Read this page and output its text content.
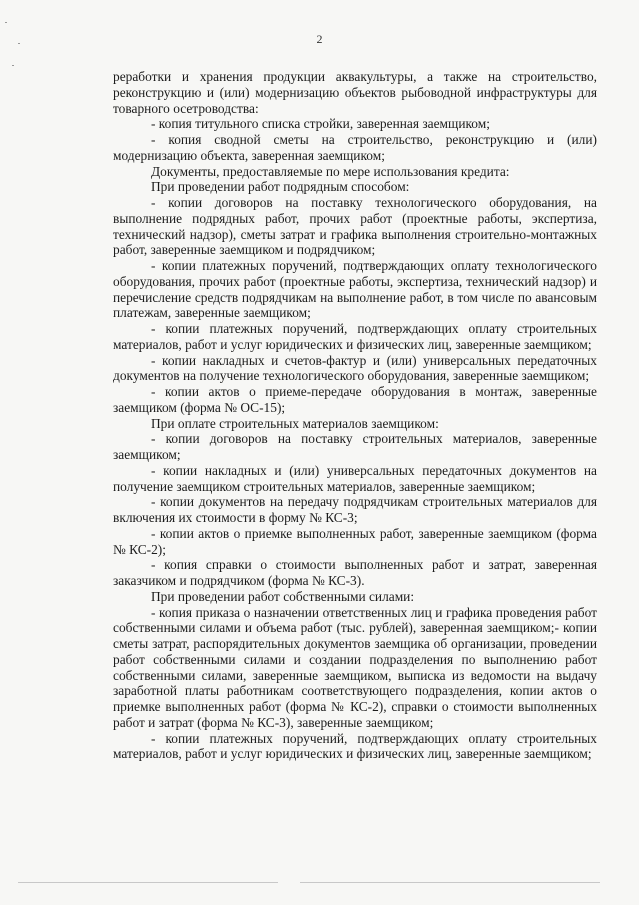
2

реработки и хранения продукции аквакультуры, а также на строительство, реконструкцию и (или) модернизацию объектов рыбоводной инфраструктуры для товарного осетроводства:

- копия титульного списка стройки, заверенная заемщиком;

- копия сводной сметы на строительство, реконструкцию и (или) модернизацию объекта, заверенная заемщиком;

Документы, предоставляемые по мере использования кредита:

При проведении работ подрядным способом:

- копии договоров на поставку технологического оборудования, на выполнение подрядных работ, прочих работ (проектные работы, экспертиза, технический надзор), сметы затрат и графика выполнения строительно-монтажных работ, заверенные заемщиком и подрядчиком;

- копии платежных поручений, подтверждающих оплату технологического оборудования, прочих работ (проектные работы, экспертиза, технический надзор) и перечисление средств подрядчикам на выполнение работ, в том числе по авансовым платежам, заверенные заемщиком;

- копии платежных поручений, подтверждающих оплату строительных материалов, работ и услуг юридических и физических лиц, заверенные заемщиком;

- копии накладных и счетов-фактур и (или) универсальных передаточных документов на получение технологического оборудования, заверенные заемщиком;

- копии актов о приеме-передаче оборудования в монтаж, заверенные заемщиком (форма № ОС-15);

При оплате строительных материалов заемщиком:

- копии договоров на поставку строительных материалов, заверенные заемщиком;

- копии накладных и (или) универсальных передаточных документов на получение заемщиком строительных материалов, заверенные заемщиком;

- копии документов на передачу подрядчикам строительных материалов для включения их стоимости в форму № КС-3;

- копии актов о приемке выполненных работ, заверенные заемщиком (форма № КС-2);

- копия справки о стоимости выполненных работ и затрат, заверенная заказчиком и подрядчиком (форма № КС-3).

При проведении работ собственными силами:

- копия приказа о назначении ответственных лиц и графика проведения работ собственными силами и объема работ (тыс. рублей), заверенная заемщиком;- копии сметы затрат, распорядительных документов заемщика об организации, проведении работ собственными силами и создании подразделения по выполнению работ собственными силами, заверенные заемщиком, выписка из ведомости на выдачу заработной платы работникам соответствующего подразделения, копии актов о приемке выполненных работ (форма № КС-2), справки о стоимости выполненных работ и затрат (форма № КС-3), заверенные заемщиком;

- копии платежных поручений, подтверждающих оплату строительных материалов, работ и услуг юридических и физических лиц, заверенные заемщиком;
